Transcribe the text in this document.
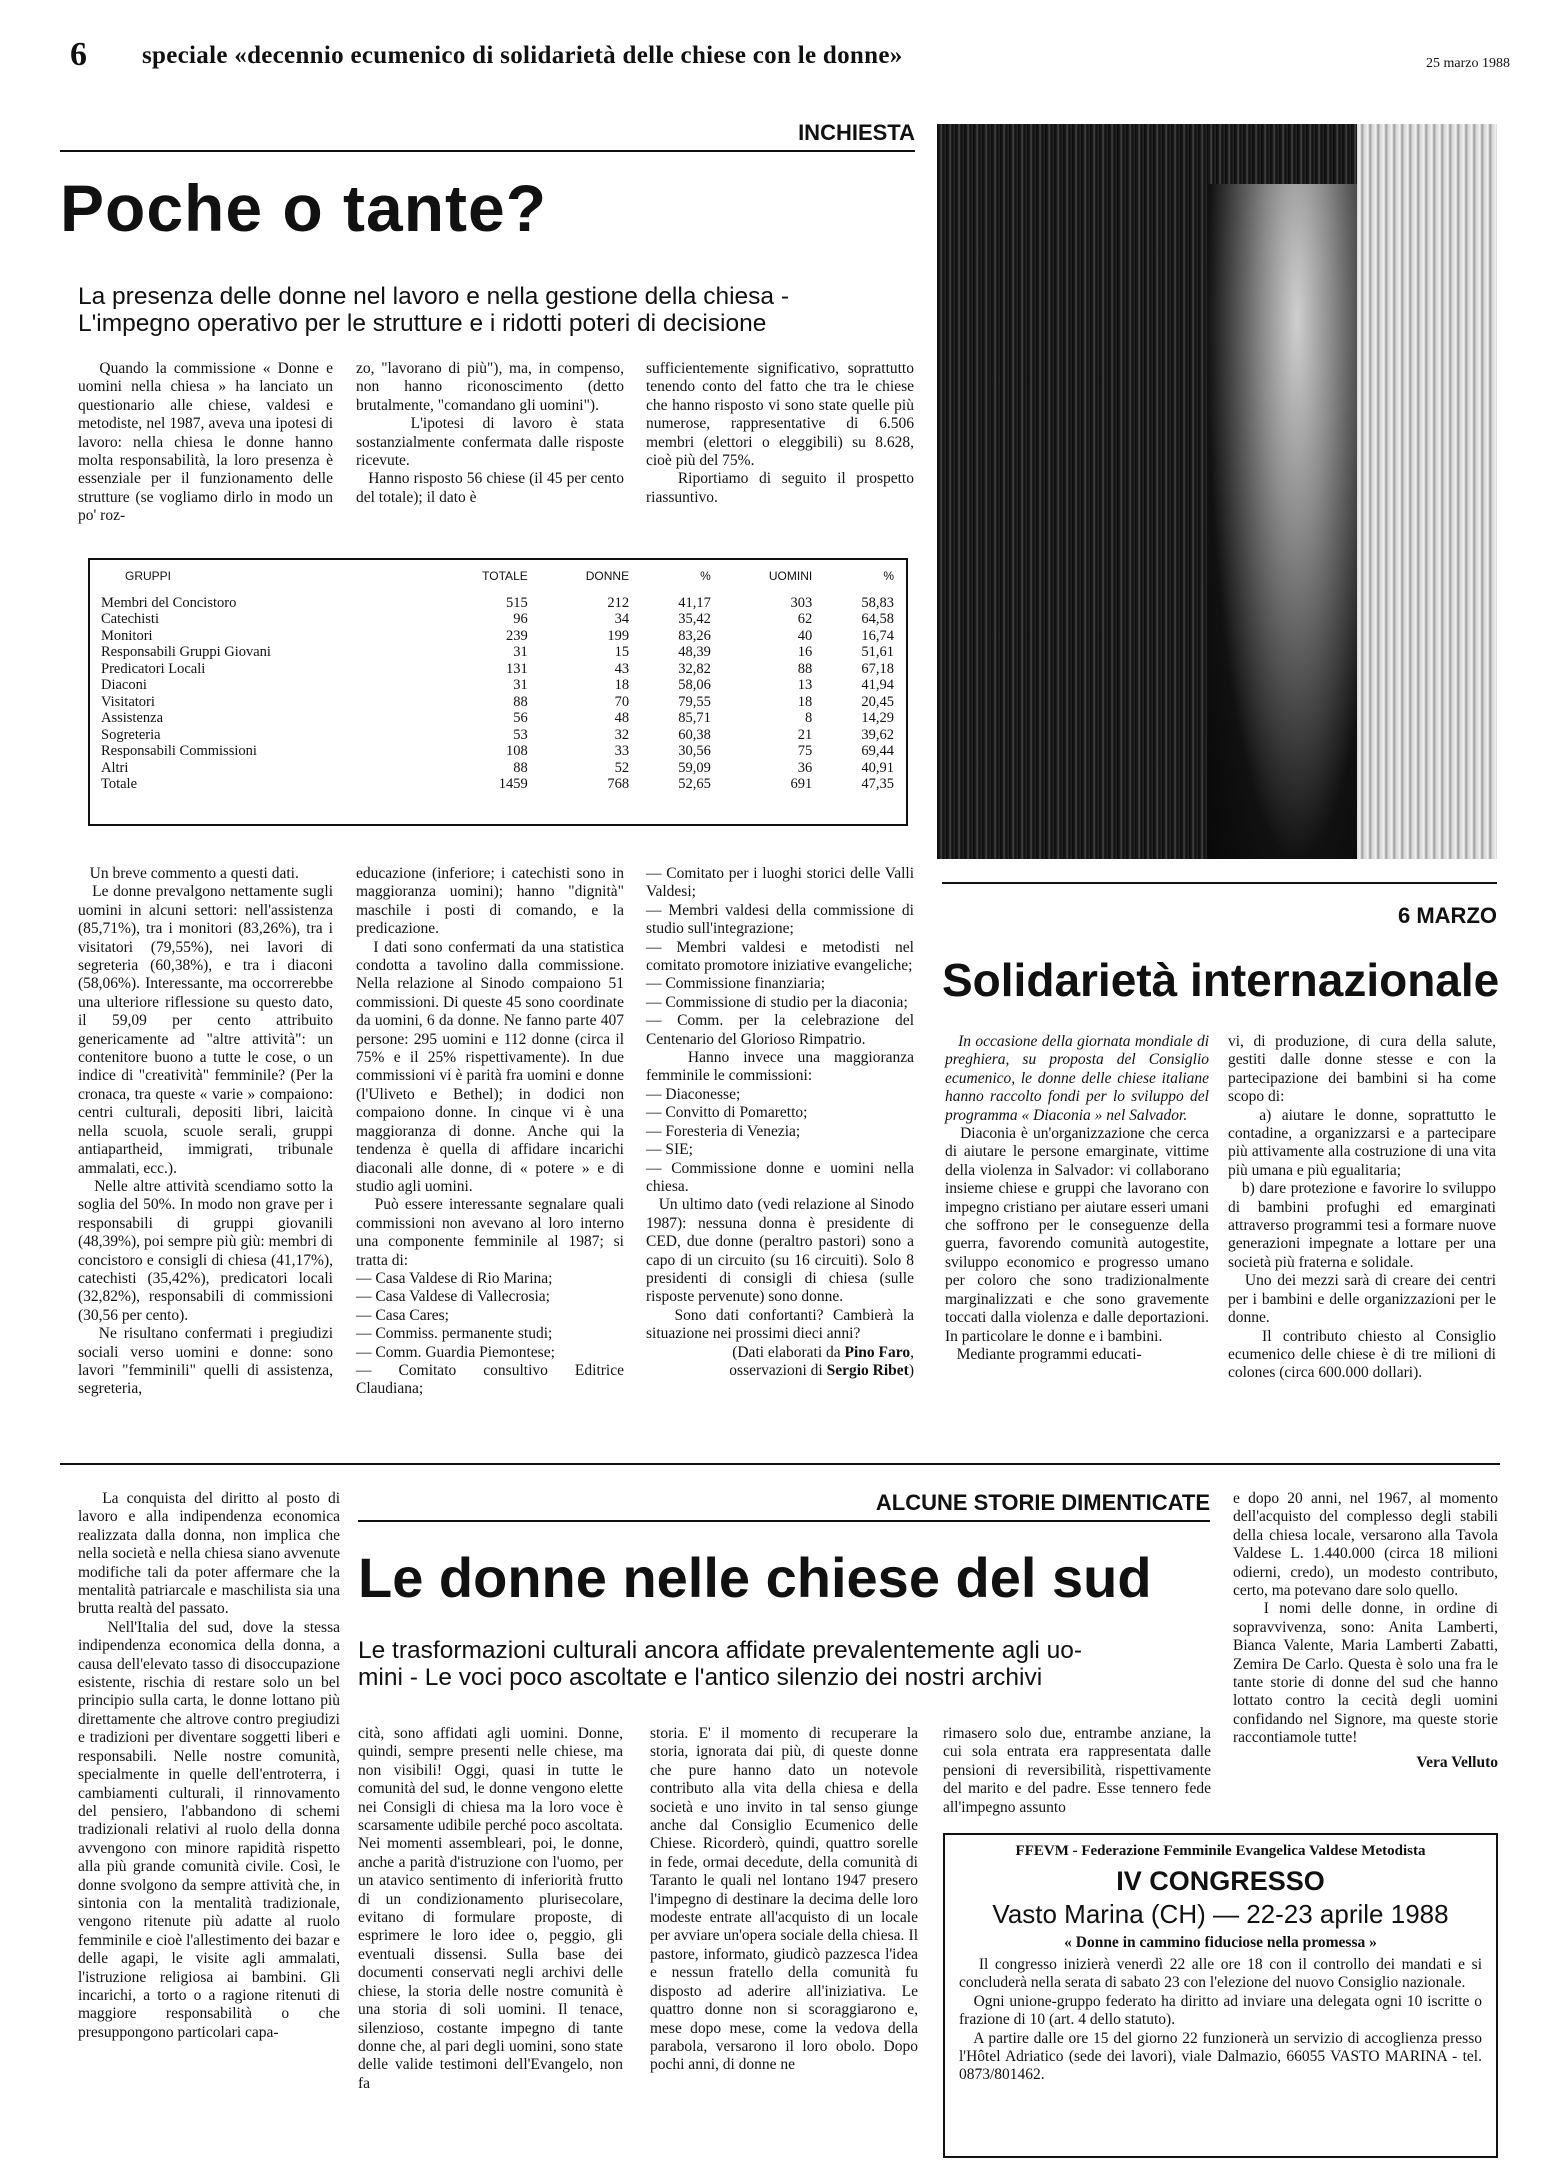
6 speciale «decennio ecumenico di solidarietà delle chiese con le donne»	25 marzo 1988
INCHIESTA
Poche o tante?
La presenza delle donne nel lavoro e nella gestione della chiesa -
L'impegno operativo per le strutture e i ridotti poteri di decisione
Quando la commissione « Donne e uomini nella chiesa » ha lanciato un questionario alle chiese, valdesi e metodiste, nel 1987, aveva una ipotesi di lavoro: nella chiesa le donne hanno molta responsabilità, la loro presenza è essenziale per il funzionamento delle strutture (se vogliamo dirlo in modo un po' roz-
zo, "lavorano di più"), ma, in compenso, non hanno riconoscimento (detto brutalmente, "comandano gli uomini").
L'ipotesi di lavoro è stata sostanzialmente confermata dalle risposte ricevute.
Hanno risposto 56 chiese (il 45 per cento del totale); il dato è
sufficientemente significativo, soprattutto tenendo conto del fatto che tra le chiese che hanno risposto vi sono state quelle più numerose, rappresentative di 6.506 membri (elettori o eleggibili) su 8.628, cioè più del 75%.
Riportiamo di seguito il prospetto riassuntivo.
GRUPPI	TOTALE	DONNE	%	UOMINI	%
Membri del Concistoro	515	212	41,17	303	58,83
Catechisti	96	34	35,42	62	64,58
Monitori	239	199	83,26	40	16,74
Responsabili Gruppi Giovani	31	15	48,39	16	51,61
Predicatori Locali	131	43	32,82	88	67,18
Diaconi	31	18	58,06	13	41,94
Visitatori	88	70	79,55	18	20,45
Assistenza	56	48	85,71	8	14,29
Sogreteria	53	32	60,38	21	39,62
Responsabili Commissioni	108	33	30,56	75	69,44
Altri	88	52	59,09	36	40,91
Totale	1459	768	52,65	691	47,35
Un breve commento a questi dati.
Le donne prevalgono nettamente sugli uomini in alcuni settori: nell'assistenza (85,71%), tra i monitori (83,26%), tra i visitatori (79,55%), nei lavori di segreteria (60,38%), e tra i diaconi (58,06%). Interessante, ma occorrerebbe una ulteriore riflessione su questo dato, il 59,09 per cento attribuito genericamente ad "altre attività": un contenitore buono a tutte le cose, o un indice di "creatività" femminile? (Per la cronaca, tra queste « varie » compaiono: centri culturali, depositi libri, laicità nella scuola, scuole serali, gruppi antiapartheid, immigrati, tribunale ammalati, ecc.).
Nelle altre attività scendiamo sotto la soglia del 50%. In modo non grave per i responsabili di gruppi giovanili (48,39%), poi sempre più giù: membri di concistoro e consigli di chiesa (41,17%), catechisti (35,42%), predicatori locali (32,82%), responsabili di commissioni (30,56 per cento).
Ne risultano confermati i pregiudizi sociali verso uomini e donne: sono lavori "femminili" quelli di assistenza, segreteria,
educazione (inferiore; i catechisti sono in maggioranza uomini); hanno "dignità" maschile i posti di comando, e la predicazione.
I dati sono confermati da una statistica condotta a tavolino dalla commissione. Nella relazione al Sinodo compaiono 51 commissioni. Di queste 45 sono coordinate da uomini, 6 da donne. Ne fanno parte 407 persone: 295 uomini e 112 donne (circa il 75% e il 25% rispettivamente). In due commissioni vi è parità fra uomini e donne (l'Uliveto e Bethel); in dodici non compaiono donne. In cinque vi è una maggioranza di donne. Anche qui la tendenza è quella di affidare incarichi diaconali alle donne, di « potere » e di studio agli uomini.
Può essere interessante segnalare quali commissioni non avevano al loro interno una componente femminile al 1987; si tratta di:
— Casa Valdese di Rio Marina;
— Casa Valdese di Vallecrosia;
— Casa Cares;
— Commiss. permanente studi;
— Comm. Guardia Piemontese;
— Comitato consultivo Editrice Claudiana;
— Comitato per i luoghi storici delle Valli Valdesi;
— Membri valdesi della commissione di studio sull'integrazione;
— Membri valdesi e metodisti nel comitato promotore iniziative evangeliche;
— Commissione finanziaria;
— Commissione di studio per la diaconia;
— Comm. per la celebrazione del Centenario del Glorioso Rimpatrio.
Hanno invece una maggioranza femminile le commissioni:
— Diaconesse;
— Convitto di Pomaretto;
— Foresteria di Venezia;
— SIE;
— Commissione donne e uomini nella chiesa.
Un ultimo dato (vedi relazione al Sinodo 1987): nessuna donna è presidente di CED, due donne (peraltro pastori) sono a capo di un circuito (su 16 circuiti). Solo 8 presidenti di consigli di chiesa (sulle risposte pervenute) sono donne.
Sono dati confortanti? Cambierà la situazione nei prossimi dieci anni?

(Dati elaborati da Pino Faro,
osservazioni di Sergio Ribet)
6 MARZO
Solidarietà internazionale
In occasione della giornata mondiale di preghiera, su proposta del Consiglio ecumenico, le donne delle chiese italiane hanno raccolto fondi per lo sviluppo del programma « Diaconia » nel Salvador.
Diaconia è un'organizzazione che cerca di aiutare le persone emarginate, vittime della violenza in Salvador: vi collaborano insieme chiese e gruppi che lavorano con impegno cristiano per aiutare esseri umani che soffrono per le conseguenze della guerra, favorendo comunità autogestite, sviluppo economico e progresso umano per coloro che sono tradizionalmente marginalizzati e che sono gravemente toccati dalla violenza e dalle deportazioni. In particolare le donne e i bambini.
Mediante programmi educati-
vi, di produzione, di cura della salute, gestiti dalle donne stesse e con la partecipazione dei bambini si ha come scopo di:
a) aiutare le donne, soprattutto le contadine, a organizzarsi e a partecipare più attivamente alla costruzione di una vita più umana e più egualitaria;
b) dare protezione e favorire lo sviluppo di bambini profughi ed emarginati attraverso programmi tesi a formare nuove generazioni impegnate a lottare per una società più fraterna e solidale.
Uno dei mezzi sarà di creare dei centri per i bambini e delle organizzazioni per le donne.
Il contributo chiesto al Consiglio ecumenico delle chiese è di tre milioni di colones (circa 600.000 dollari).
La conquista del diritto al posto di lavoro e alla indipendenza economica realizzata dalla donna, non implica che nella società e nella chiesa siano avvenute modifiche tali da poter affermare che la mentalità patriarcale e maschilista sia una brutta realtà del passato.
Nell'Italia del sud, dove la stessa indipendenza economica della donna, a causa dell'elevato tasso di disoccupazione esistente, rischia di restare solo un bel principio sulla carta, le donne lottano più direttamente che altrove contro pregiudizi e tradizioni per diventare soggetti liberi e responsabili. Nelle nostre comunità, specialmente in quelle dell'entroterra, i cambiamenti culturali, il rinnovamento del pensiero, l'abbandono di schemi tradizionali relativi al ruolo della donna avvengono con minore rapidità rispetto alla più grande comunità civile. Così, le donne svolgono da sempre attività che, in sintonia con la mentalità tradizionale, vengono ritenute più adatte al ruolo femminile e cioè l'allestimento dei bazar e delle agapi, le visite agli ammalati, l'istruzione religiosa ai bambini. Gli incarichi, a torto o a ragione ritenuti di maggiore responsabilità o che presuppongono particolari capa-
ALCUNE STORIE DIMENTICATE
Le donne nelle chiese del sud
Le trasformazioni culturali ancora affidate prevalentemente agli uo-
mini - Le voci poco ascoltate e l'antico silenzio dei nostri archivi
cità, sono affidati agli uomini. Donne, quindi, sempre presenti nelle chiese, ma non visibili! Oggi, quasi in tutte le comunità del sud, le donne vengono elette nei Consigli di chiesa ma la loro voce è scarsamente udibile perché poco ascoltata. Nei momenti assembleari, poi, le donne, anche a parità d'istruzione con l'uomo, per un atavico sentimento di inferiorità frutto di un condizionamento plurisecolare, evitano di formulare proposte, di esprimere le loro idee o, peggio, gli eventuali dissensi. Sulla base dei documenti conservati negli archivi delle chiese, la storia delle nostre comunità è una storia di soli uomini. Il tenace, silenzioso, costante impegno di tante donne che, al pari degli uomini, sono state delle valide testimoni dell'Evangelo, non fa
storia. E' il momento di recuperare la storia, ignorata dai più, di queste donne che pure hanno dato un notevole contributo alla vita della chiesa e della società e uno invito in tal senso giunge anche dal Consiglio Ecumenico delle Chiese. Ricorderò, quindi, quattro sorelle in fede, ormai decedute, della comunità di Taranto le quali nel lontano 1947 presero l'impegno di destinare la decima delle loro modeste entrate all'acquisto di un locale per avviare un'opera sociale della chiesa. Il pastore, informato, giudicò pazzesca l'idea e nessun fratello della comunità fu disposto ad aderire all'iniziativa. Le quattro donne non si scoraggiarono e, mese dopo mese, come la vedova della parabola, versarono il loro obolo. Dopo pochi anni, di donne ne
rimasero solo due, entrambe anziane, la cui sola entrata era rappresentata dalle pensioni di reversibilità, rispettivamente del marito e del padre. Esse tennero fede all'impegno assunto
e dopo 20 anni, nel 1967, al momento dell'acquisto del complesso degli stabili della chiesa locale, versarono alla Tavola Valdese L. 1.440.000 (circa 18 milioni odierni, credo), un modesto contributo, certo, ma potevano dare solo quello.
I nomi delle donne, in ordine di sopravvivenza, sono: Anita Lamberti, Bianca Valente, Maria Lamberti Zabatti, Zemira De Carlo. Questa è solo una fra le tante storie di donne del sud che hanno lottato contro la cecità degli uomini confidando nel Signore, ma queste storie raccontiamole tutte!

Vera Velluto
FFEVM - Federazione Femminile Evangelica Valdese Metodista
IV CONGRESSO
Vasto Marina (CH) — 22-23 aprile 1988
« Donne in cammino fiduciose nella promessa »
Il congresso inizierà venerdì 22 alle ore 18 con il controllo dei mandati e si concluderà nella serata di sabato 23 con l'elezione del nuovo Consiglio nazionale.
Ogni unione-gruppo federato ha diritto ad inviare una delegata ogni 10 iscritte o frazione di 10 (art. 4 dello statuto).
A partire dalle ore 15 del giorno 22 funzionerà un servizio di accoglienza presso l'Hôtel Adriatico (sede dei lavori), viale Dalmazio, 66055 VASTO MARINA - tel. 0873/801462.
